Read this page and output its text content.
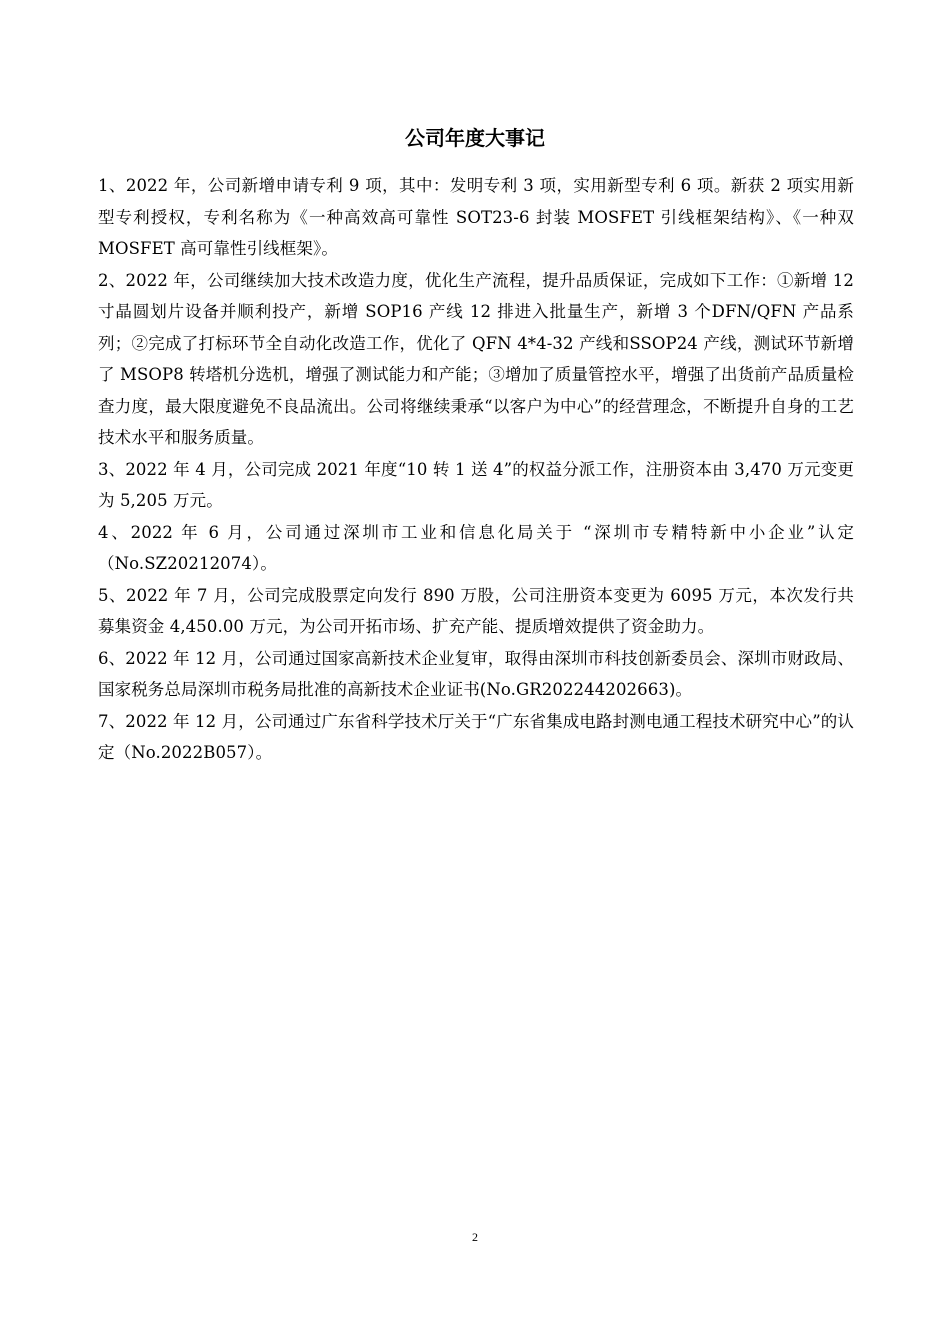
公司年度大事记

1、2022 年，公司新增申请专利 9 项，其中：发明专利 3 项，实用新型专利 6 项。新获 2 项实用新型专利授权，专利名称为《一种高效高可靠性 SOT23-6 封装 MOSFET 引线框架结构》、《一种双 MOSFET 高可靠性引线框架》。

2、2022 年，公司继续加大技术改造力度，优化生产流程，提升品质保证，完成如下工作：①新增 12 寸晶圆划片设备并顺利投产，新增 SOP16 产线 12 排进入批量生产，新增 3 个DFN/QFN 产品系列；②完成了打标环节全自动化改造工作，优化了 QFN 4*4-32 产线和SSOP24 产线，测试环节新增了 MSOP8 转塔机分选机，增强了测试能力和产能；③增加了质量管控水平，增强了出货前产品质量检查力度，最大限度避免不良品流出。公司将继续秉承“以客户为中心”的经营理念，不断提升自身的工艺技术水平和服务质量。

3、2022 年 4 月，公司完成 2021 年度“10 转 1 送 4”的权益分派工作，注册资本由 3,470 万元变更为 5,205 万元。

4、2022 年 6 月，公司通过深圳市工业和信息化局关于 “深圳市专精特新中小企业”认定（No.SZ20212074）。

5、2022 年 7 月，公司完成股票定向发行 890 万股，公司注册资本变更为 6095 万元，本次发行共募集资金 4,450.00 万元，为公司开拓市场、扩充产能、提质增效提供了资金助力。

6、2022 年 12 月，公司通过国家高新技术企业复审，取得由深圳市科技创新委员会、深圳市财政局、国家税务总局深圳市税务局批准的高新技术企业证书(No.GR202244202663)。

7、2022 年 12 月，公司通过广东省科学技术厅关于“广东省集成电路封测电通工程技术研究中心”的认定（No.2022B057）。

2
